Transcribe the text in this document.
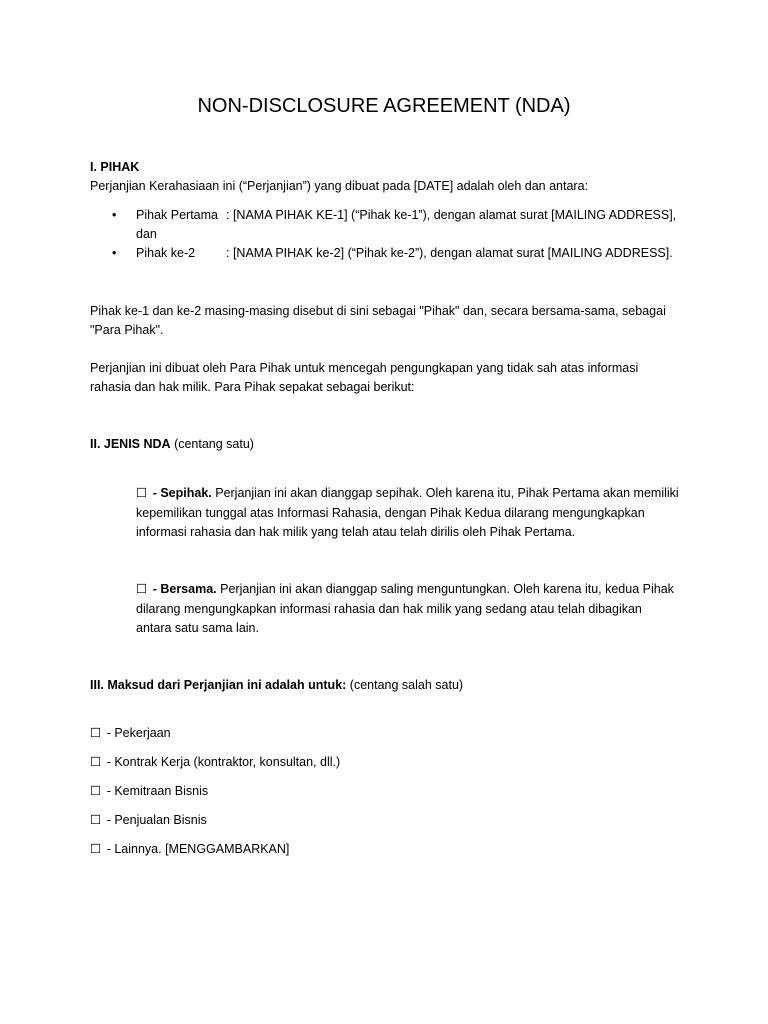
NON-DISCLOSURE AGREEMENT (NDA)
I. PIHAK
Perjanjian Kerahasiaan ini (“Perjanjian”) yang dibuat pada [DATE] adalah oleh dan antara:
• Pihak Pertama : [NAMA PIHAK KE-1] (“Pihak ke-1”), dengan alamat surat [MAILING ADDRESS],
dan
• Pihak ke-2 : [NAMA PIHAK ke-2] (“Pihak ke-2”), dengan alamat surat [MAILING ADDRESS].
Pihak ke-1 dan ke-2 masing-masing disebut di sini sebagai "Pihak" dan, secara bersama-sama, sebagai
"Para Pihak".
Perjanjian ini dibuat oleh Para Pihak untuk mencegah pengungkapan yang tidak sah atas informasi
rahasia dan hak milik. Para Pihak sepakat sebagai berikut:
II. JENIS NDA (centang satu)
☐ - Sepihak. Perjanjian ini akan dianggap sepihak. Oleh karena itu, Pihak Pertama akan memiliki
kepemilikan tunggal atas Informasi Rahasia, dengan Pihak Kedua dilarang mengungkapkan
informasi rahasia dan hak milik yang telah atau telah dirilis oleh Pihak Pertama.
☐ - Bersama. Perjanjian ini akan dianggap saling menguntungkan. Oleh karena itu, kedua Pihak
dilarang mengungkapkan informasi rahasia dan hak milik yang sedang atau telah dibagikan
antara satu sama lain.
III. Maksud dari Perjanjian ini adalah untuk: (centang salah satu)
☐ - Pekerjaan
☐ - Kontrak Kerja (kontraktor, konsultan, dll.)
☐ - Kemitraan Bisnis
☐ - Penjualan Bisnis
☐ - Lainnya. [MENGGAMBARKAN]
